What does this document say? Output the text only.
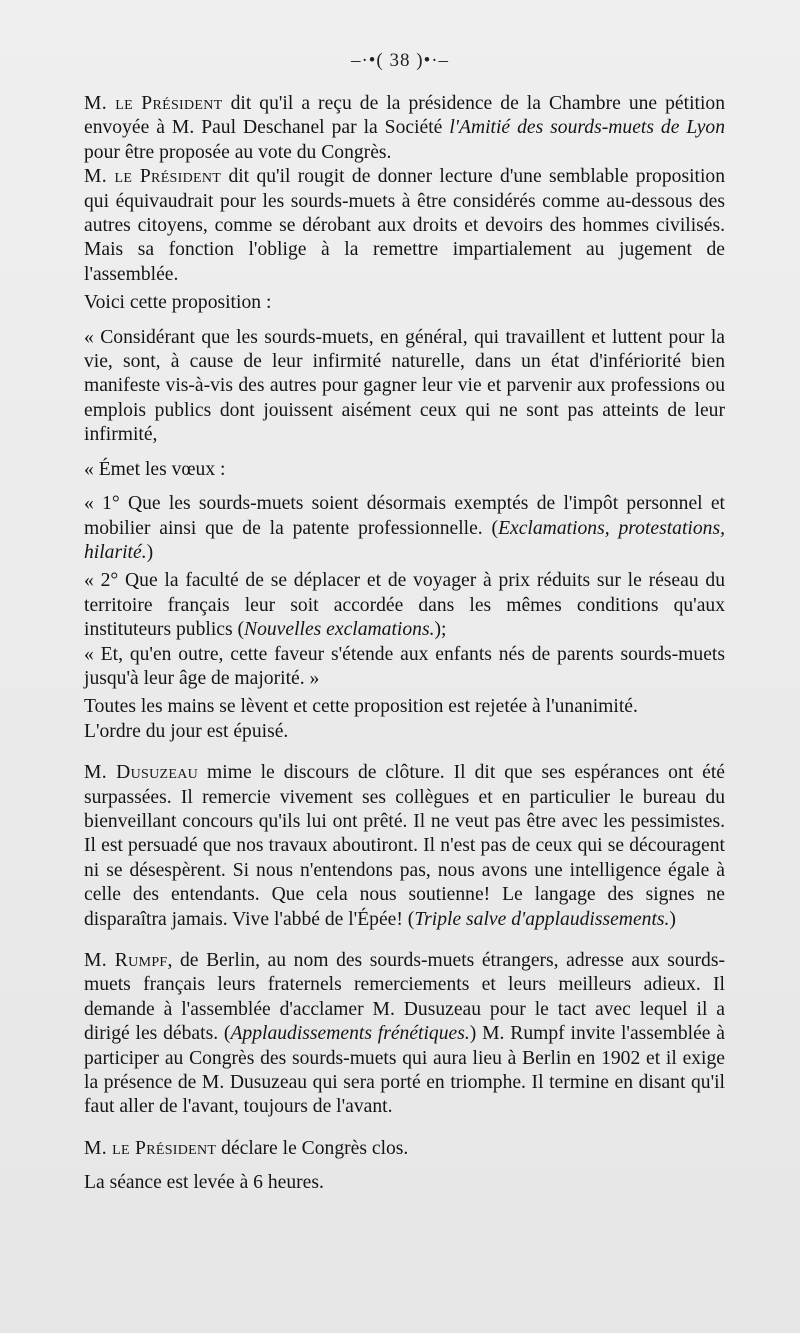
–·•( 38 )•·–

M. le Président dit qu'il a reçu de la présidence de la Chambre une pétition envoyée à M. Paul Deschanel par la Société l'Amitié des sourds-muets de Lyon pour être proposée au vote du Congrès.

M. le Président dit qu'il rougit de donner lecture d'une semblable proposition qui équivaudrait pour les sourds-muets à être considérés comme au-dessous des autres citoyens, comme se dérobant aux droits et devoirs des hommes civilisés. Mais sa fonction l'oblige à la remettre impartialement au jugement de l'assemblée.

Voici cette proposition :

« Considérant que les sourds-muets, en général, qui travaillent et luttent pour la vie, sont, à cause de leur infirmité naturelle, dans un état d'infériorité bien manifeste vis-à-vis des autres pour gagner leur vie et parvenir aux professions ou emplois publics dont jouissent aisément ceux qui ne sont pas atteints de leur infirmité,

« Émet les vœux :

« 1° Que les sourds-muets soient désormais exemptés de l'impôt personnel et mobilier ainsi que de la patente professionnelle. (Exclamations, protestations, hilarité.)

« 2° Que la faculté de se déplacer et de voyager à prix réduits sur le réseau du territoire français leur soit accordée dans les mêmes conditions qu'aux instituteurs publics (Nouvelles exclamations.);

« Et, qu'en outre, cette faveur s'étende aux enfants nés de parents sourds-muets jusqu'à leur âge de majorité. »

Toutes les mains se lèvent et cette proposition est rejetée à l'unanimité.

L'ordre du jour est épuisé.

M. Dusuzeau mime le discours de clôture. Il dit que ses espérances ont été surpassées. Il remercie vivement ses collègues et en particulier le bureau du bienveillant concours qu'ils lui ont prêté. Il ne veut pas être avec les pessimistes. Il est persuadé que nos travaux aboutiront. Il n'est pas de ceux qui se découragent ni se désespèrent. Si nous n'entendons pas, nous avons une intelligence égale à celle des entendants. Que cela nous soutienne! Le langage des signes ne disparaîtra jamais. Vive l'abbé de l'Épée! (Triple salve d'applaudissements.)

M. Rumpf, de Berlin, au nom des sourds-muets étrangers, adresse aux sourds-muets français leurs fraternels remerciements et leurs meilleurs adieux. Il demande à l'assemblée d'acclamer M. Dusuzeau pour le tact avec lequel il a dirigé les débats. (Applaudissements frénétiques.) M. Rumpf invite l'assemblée à participer au Congrès des sourds-muets qui aura lieu à Berlin en 1902 et il exige la présence de M. Dusuzeau qui sera porté en triomphe. Il termine en disant qu'il faut aller de l'avant, toujours de l'avant.

M. le Président déclare le Congrès clos.

La séance est levée à 6 heures.
